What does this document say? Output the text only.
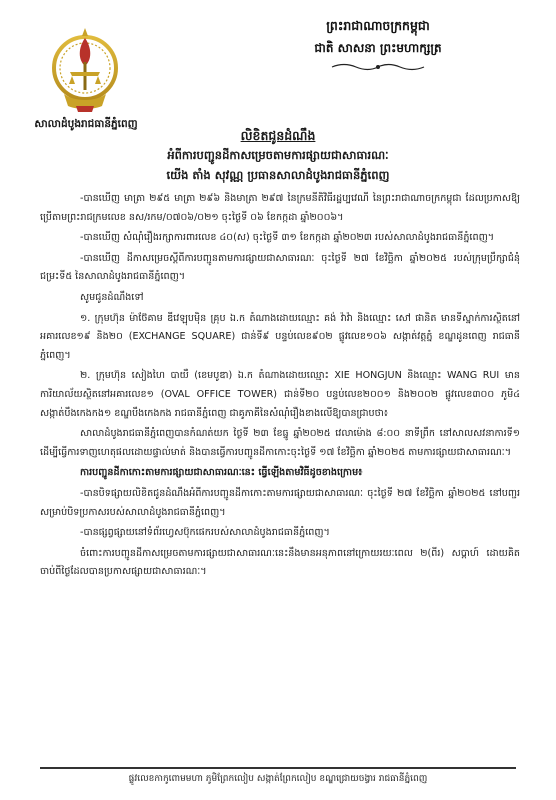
សាលាដំបូងរាជធានីភ្នំពេញ
ព្រះរាជាណាចក្រកម្ពុជា
ជាតិ សាសនា ព្រះមហាក្សត្រ
លិខិតជូនដំណឹង
អំពីការបញ្ជូនដីកាសម្រេចតាមការផ្សាយជាសាធារណៈ
យើង តាំង សុវណ្ណ ប្រធានសាលាដំបូងរាជធានីភ្នំពេញ

-បានឃើញ មាត្រា ២៩៥ មាត្រា ២៩៦ និងមាត្រា ២៩៧ នៃក្រមនីតិវិធីរដ្ឋប្បវេណី នៃព្រះរាជាណាចក្រកម្ពុជា ដែលប្រកាសឱ្យប្រើតាមព្រះរាជក្រមលេខ នស/រកម/០៧០៦/០២១ ចុះថ្ងៃទី ០៦ ខែកក្កដា ឆ្នាំ២០០៦។

-បានឃើញ សំណុំរឿងរក្សាការពារលេខ ៤០(ស) ចុះថ្ងៃទី ៣១ ខែកក្កដា ឆ្នាំ២០២៣ របស់សាលាដំបូងរាជធានីភ្នំពេញ។

-បានឃើញ ដីកាសម្រេចស្តីពីការបញ្ជូនតាមការផ្សាយជាសាធារណៈ ចុះថ្ងៃទី ២៧ ខែវិច្ឆិកា ឆ្នាំ២០២៥ របស់ក្រុមប្រឹក្សាជំនុំជម្រះទី៥ នៃសាលាដំបូងរាជធានីភ្នំពេញ។

សូមជូនដំណឹងទៅ

១. ក្រុមហ៊ុន ម៉ាថ៊ែគាម ឌីវេឡុបម៉ិន គ្រុប ឯ.ក តំណាងដោយឈ្មោះ គង់ វ៉ាវ៉ា និងឈ្មោះ សៅ ផានិត មានទីស្នាក់ការស្ថិតនៅអគារលេខ១៩ និង២០ (EXCHANGE SQUARE) ជាន់ទី៩ បន្ទប់លេខ៩០២ ផ្លូវលេខ១០៦ សង្កាត់វត្តភ្នំ ខណ្ឌដូនពេញ រាជធានីភ្នំពេញ។

២. ក្រុមហ៊ុន សៀងហៃ បាយឺ (ខេមបូឌា) ឯ.ក តំណាងដោយឈ្មោះ XIE HONGJUN និងឈ្មោះ WANG RUI មានការិយាល័យស្ថិតនៅអគារលេខ១ (OVAL OFFICE TOWER) ជាន់ទី២០ បន្ទប់លេខ២០០១ និង២០០២ ផ្លូវលេខ៣០០ ភូមិ៤ សង្កាត់បឹងកេងកង១ ខណ្ឌបឹងកេងកង រាជធានីភ្នំពេញ ជាគូភាគីនៃសំណុំរឿងខាងលើឱ្យបានជ្រាបថា៖

សាលាដំបូងរាជធានីភ្នំពេញបានកំណត់យក ថ្ងៃទី ២៣ ខែធ្នូ ឆ្នាំ២០២៥ វេលាម៉ោង ៨:០០ នាទីព្រឹក នៅសាលសវនាការទី១ ដើម្បីធ្វើការទាញហេតុផលដោយផ្ទាល់មាត់ និងបានធ្វើការបញ្ជូនដីកាកោះចុះថ្ងៃទី ១៧ ខែវិច្ឆិកា ឆ្នាំ២០២៥ តាមការផ្សាយជាសាធារណៈ។

ការបញ្ជូនដីកាកោះតាមការផ្សាយជាសាធារណៈនេះ ធ្វើឡើងតាមវិធីដូចខាងក្រោម៖

-បានបិទផ្សាយលិខិតជូនដំណឹងអំពីការបញ្ជូនដីកាកោះតាមការផ្សាយជាសាធារណៈ ចុះថ្ងៃទី ២៧ ខែវិច្ឆិកា ឆ្នាំ២០២៥ នៅបញ្ជរសម្រាប់បិទប្រកាសរបស់សាលាដំបូងរាជធានីភ្នំពេញ។

-បានផ្សព្វផ្សាយនៅទំព័រហ្វេសប៊ុកផេករបស់សាលាដំបូងរាជធានីភ្នំពេញ។

ចំពោះការបញ្ជូនដីកាសម្រេចតាមការផ្សាយជាសាធារណៈនេះនឹងមានអនុភាពនៅក្រោយរយៈពេល ២(ពីរ) សប្ដាហ៍ ដោយគិតចាប់ពីថ្ងៃដែលបានប្រកាសផ្សាយជាសាធារណៈ។

ផ្លូវលេខកាកូពោមមហា ភូមិព្រែកលៀប សង្កាត់ព្រែកលៀប ខណ្ឌជ្រោយចង្វារ រាជធានីភ្នំពេញ
